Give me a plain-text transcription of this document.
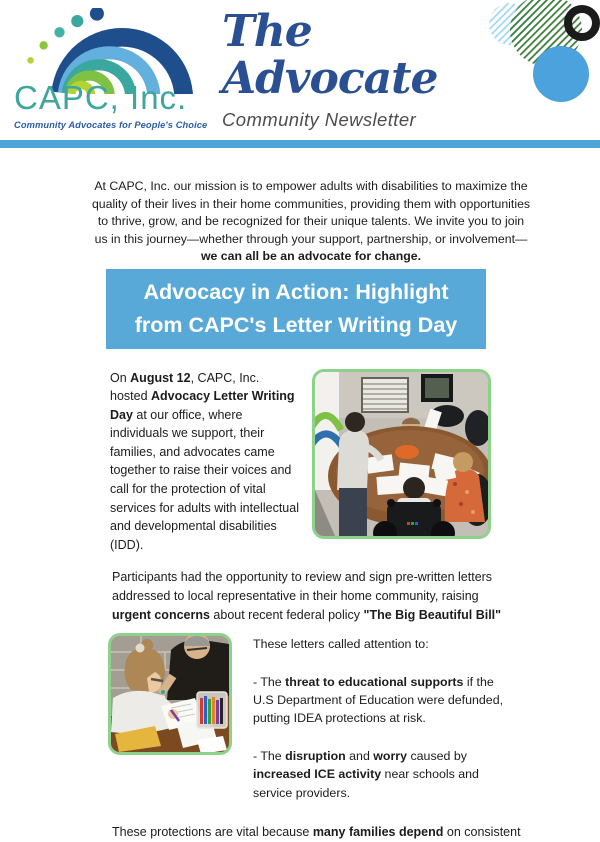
CAPC, Inc.
Community Advocates for People's Choice
The
Advocate
Community Newsletter

At CAPC, Inc. our mission is to empower adults with disabilities to maximize the quality of their lives in their home communities, providing them with opportunities to thrive, grow, and be recognized for their unique talents. We invite you to join us in this journey—whether through your support, partnership, or involvement—we can all be an advocate for change.

Advocacy in Action: Highlight
from CAPC's Letter Writing Day

On August 12, CAPC, Inc. hosted Advocacy Letter Writing Day at our office, where individuals we support, their families, and advocates came together to raise their voices and call for the protection of vital services for adults with intellectual and developmental disabilities (IDD).

Participants had the opportunity to review and sign pre-written letters addressed to local representative in their home community, raising urgent concerns about recent federal policy "The Big Beautiful Bill"

These letters called attention to:

- The threat to educational supports if the U.S Department of Education were defunded, putting IDEA protections at risk.

- The disruption and worry caused by increased ICE activity near schools and service providers.

These protections are vital because many families depend on consistent
